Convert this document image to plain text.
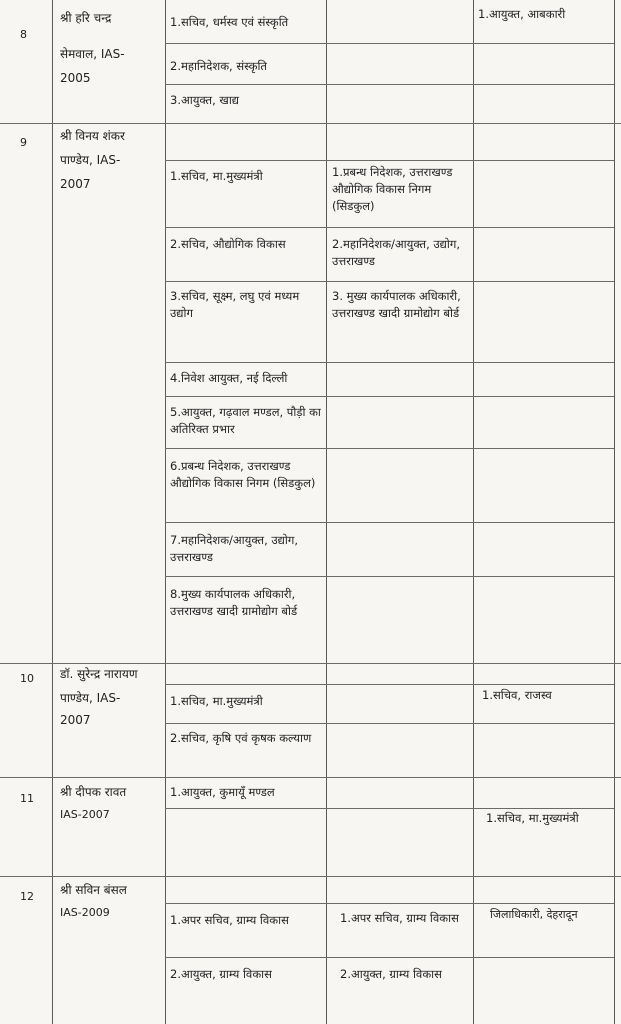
8
श्री हरि चन्द्र
सेमवाल, IAS-
2005
1.सचिव, धर्मस्व एवं संस्कृति
2.महानिदेशक, संस्कृति
3.आयुक्त, खाद्य
1.आयुक्त, आबकारी
9	श्री विनय शंकर
पाण्डेय, IAS-
2007
1.सचिव, मा.मुख्यमंत्री
2.सचिव, औद्योगिक विकास
3.सचिव, सूक्ष्म, लघु एवं मध्यम उद्योग
4.निवेश आयुक्त, नई दिल्ली
5.आयुक्त, गढ़वाल मण्डल, पौड़ी का अतिरिक्त प्रभार
6.प्रबन्ध निदेशक, उत्तराखण्ड औद्योगिक विकास निगम (सिडकुल)
7.महानिदेशक/आयुक्त, उद्योग, उत्तराखण्ड
8.मुख्य कार्यपालक अधिकारी, उत्तराखण्ड खादी ग्रामोद्योग बोर्ड
1.प्रबन्ध निदेशक, उत्तराखण्ड औद्योगिक विकास निगम (सिडकुल)
2.महानिदेशक/आयुक्त, उद्योग, उत्तराखण्ड
3. मुख्य कार्यपालक अधिकारी, उत्तराखण्ड खादी ग्रामोद्योग बोर्ड
10 डॉ. सुरेन्द्र नारायण
पाण्डेय, IAS-
2007
1.सचिव, मा.मुख्यमंत्री
2.सचिव, कृषि एवं कृषक कल्याण
1.सचिव, राजस्व
11 श्री दीपक रावत
IAS-2007
1.आयुक्त, कुमायूँ मण्डल
1.सचिव, मा.मुख्यमंत्री
12 श्री सविन बंसल
IAS-2009
1.अपर सचिव, ग्राम्य विकास
2.आयुक्त, ग्राम्य विकास
1.अपर सचिव, ग्राम्य विकास
2.आयुक्त, ग्राम्य विकास
जिलाधिकारी, देहरादून
